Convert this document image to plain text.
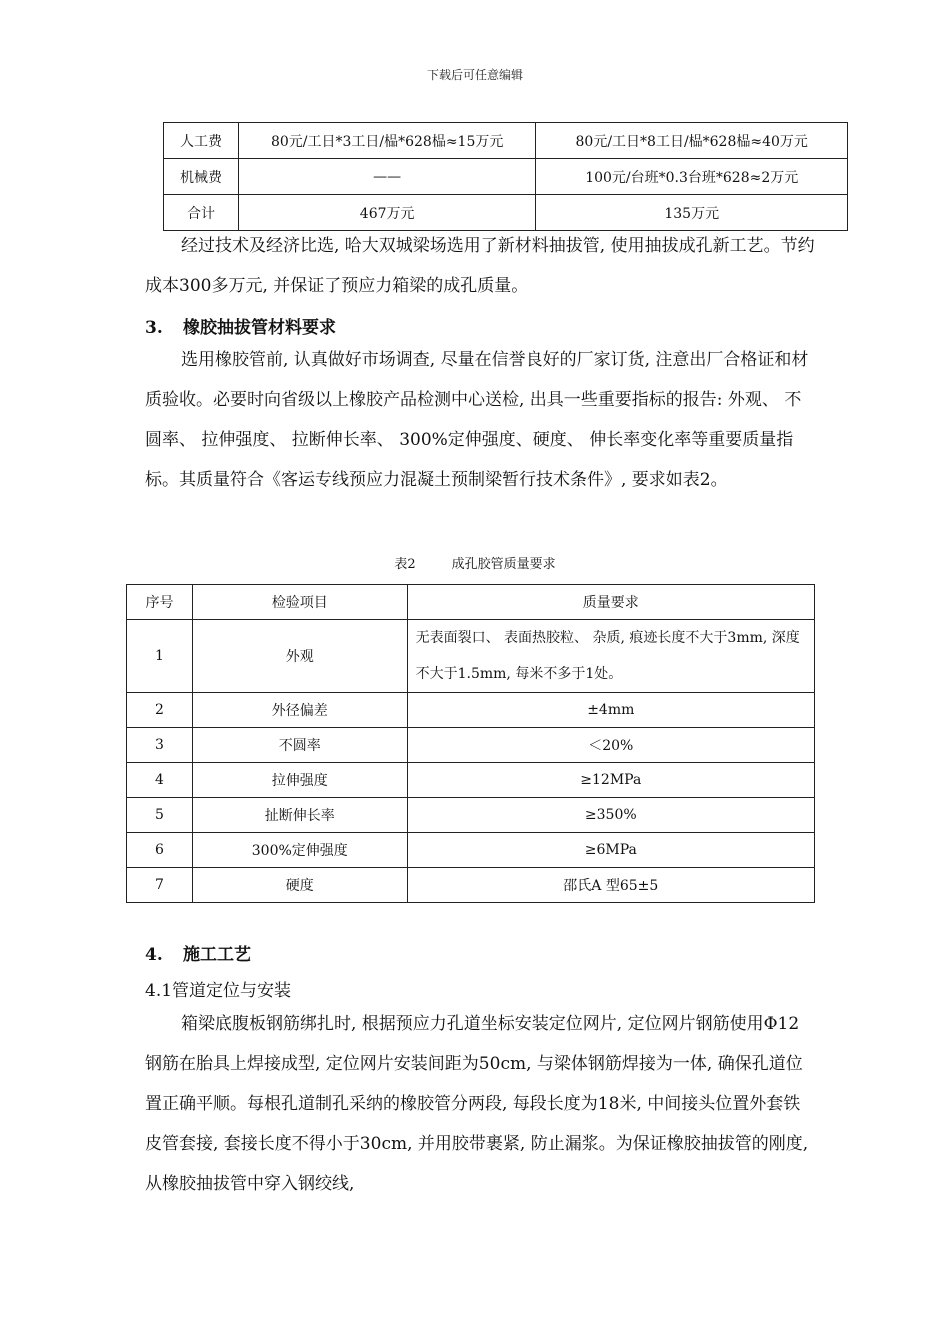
下载后可任意编辑
人工费	80元/工日*3工日/榀*628榀≈15万元	80元/工日*8工日/榀*628榀≈40万元
机械费	——	100元/台班*0.3台班*628≈2万元
合计	467万元	135万元

经过技术及经济比选, 哈大双城梁场选用了新材料抽拔管, 使用抽拔成孔新工艺。节约成本300多万元, 并保证了预应力箱梁的成孔质量。

3. 橡胶抽拔管材料要求

选用橡胶管前, 认真做好市场调查, 尽量在信誉良好的厂家订货, 注意出厂合格证和材质验收。必要时向省级以上橡胶产品检测中心送检, 出具一些重要指标的报告: 外观、 不圆率、 拉伸强度、 拉断伸长率、 300%定伸强度、硬度、 伸长率变化率等重要质量指标。其质量符合《客运专线预应力混凝土预制梁暂行技术条件》, 要求如表2。

表2	成孔胶管质量要求
序号	检验项目	质量要求
1	外观	无表面裂口、 表面热胶粒、 杂质, 痕迹长度不大于3mm, 深度不大于1.5mm, 每米不多于1处。
2	外径偏差	±4mm
3	不圆率	＜20%
4	拉伸强度	≥12MPa
5	扯断伸长率	≥350%
6	300%定伸强度	≥6MPa
7	硬度	邵氏A 型65±5
4. 施工工艺
4.1管道定位与安装

箱梁底腹板钢筋绑扎时, 根据预应力孔道坐标安装定位网片, 定位网片钢筋使用Φ12钢筋在胎具上焊接成型, 定位网片安装间距为50cm, 与梁体钢筋焊接为一体, 确保孔道位置正确平顺。每根孔道制孔采纳的橡胶管分两段, 每段长度为18米, 中间接头位置外套铁皮管套接, 套接长度不得小于30cm, 并用胶带裹紧, 防止漏浆。为保证橡胶抽拔管的刚度, 从橡胶抽拔管中穿入钢绞线,
